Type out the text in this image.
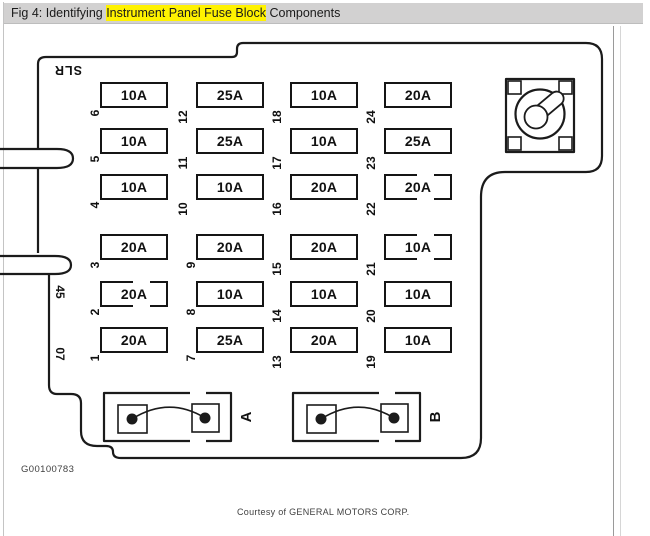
Fig 4: Identifying Instrument Panel Fuse Block Components
A	B
SLR
45
07
10A
6
25A
12
10A
18
20A
24
10A
5
25A
11
10A
17
25A
23
10A
4
10A
10
20A
16
20A
22
20A
3
20A
9
20A
15
10A
21
20A
2
10A
8
10A
14
10A
20
20A
1
25A
7
20A
13
10A
19
G00100783
Courtesy of GENERAL MOTORS CORP.
